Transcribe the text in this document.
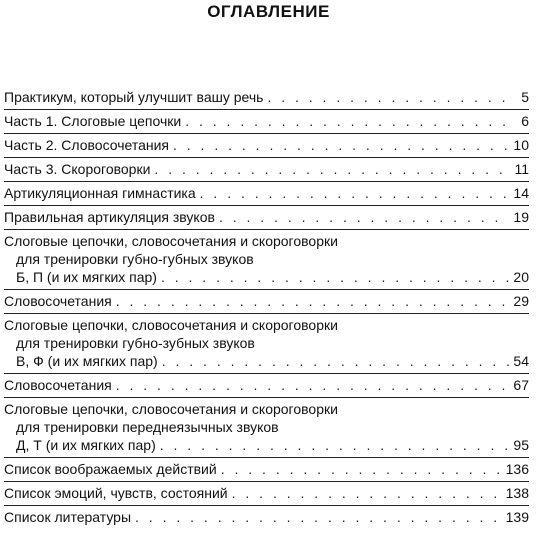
ОГЛАВЛЕНИЕ
Практикум, который улучшит вашу речь . . .	5
Часть 1. Слоговые цепочки . . .	6
Часть 2. Словосочетания . . .	10
Часть 3. Скороговорки . . .	11
Артикуляционная гимнастика . . .	14
Правильная артикуляция звуков . . .	19
Слоговые цепочки, словосочетания и скороговорки
для тренировки губно-губных звуков
Б, П (и их мягких пар) . . .	20
Словосочетания . . .	29
Слоговые цепочки, словосочетания и скороговорки
для тренировки губно-зубных звуков
В, Ф (и их мягких пар) . . .	54
Словосочетания . . .	67
Слоговые цепочки, словосочетания и скороговорки
для тренировки переднеязычных звуков
Д, Т (и их мягких пар) . . .	95
Список воображаемых действий . . .	136
Список эмоций, чувств, состояний . . .	138
Список литературы . . .	139
